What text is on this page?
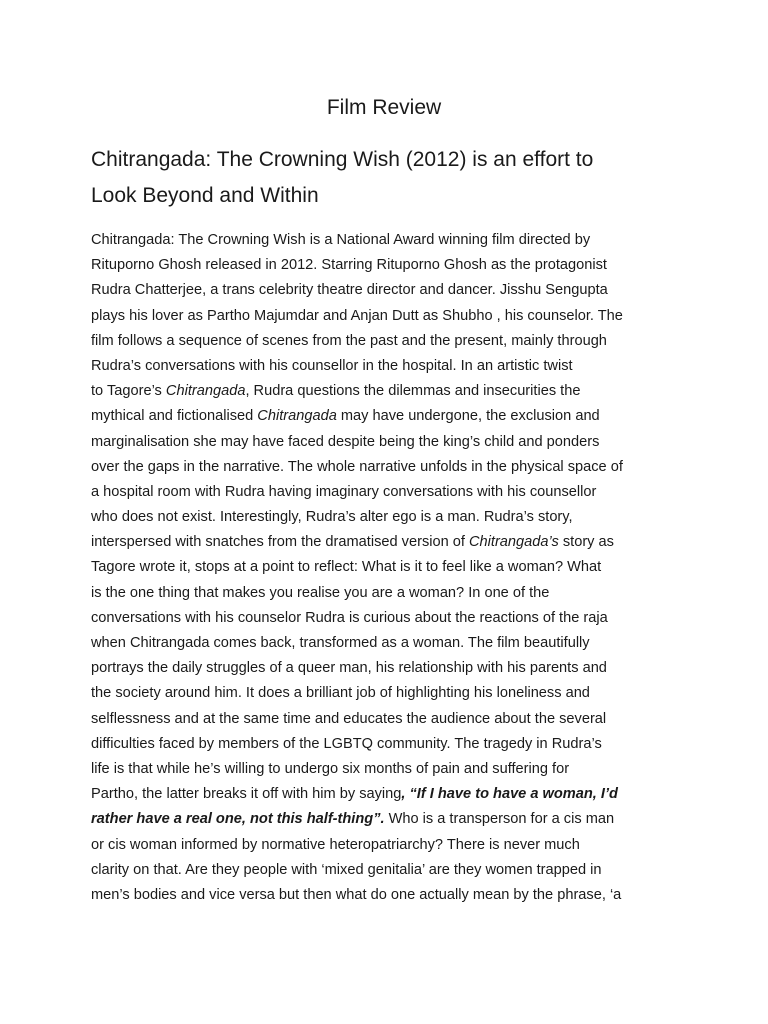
Film Review
Chitrangada: The Crowning Wish (2012) is an effort to
Look Beyond and Within
Chitrangada: The Crowning Wish is a National Award winning film directed by
Rituporno Ghosh released in 2012. Starring Rituporno Ghosh as the protagonist
Rudra Chatterjee, a trans celebrity theatre director and dancer. Jisshu Sengupta
plays his lover as Partho Majumdar and Anjan Dutt as Shubho , his counselor. The
film follows a sequence of scenes from the past and the present, mainly through
Rudra’s conversations with his counsellor in the hospital. In an artistic twist
to Tagore’s Chitrangada, Rudra questions the dilemmas and insecurities the
mythical and fictionalised Chitrangada may have undergone, the exclusion and
marginalisation she may have faced despite being the king’s child and ponders
over the gaps in the narrative. The whole narrative unfolds in the physical space of
a hospital room with Rudra having imaginary conversations with his counsellor
who does not exist. Interestingly, Rudra’s alter ego is a man. Rudra’s story,
interspersed with snatches from the dramatised version of Chitrangada’s story as
Tagore wrote it, stops at a point to reflect: What is it to feel like a woman? What
is the one thing that makes you realise you are a woman? In one of the
conversations with his counselor Rudra is curious about the reactions of the raja
when Chitrangada comes back, transformed as a woman. The film beautifully
portrays the daily struggles of a queer man, his relationship with his parents and
the society around him. It does a brilliant job of highlighting his loneliness and
selflessness and at the same time and educates the audience about the several
difficulties faced by members of the LGBTQ community. The tragedy in Rudra’s
life is that while he’s willing to undergo six months of pain and suffering for
Partho, the latter breaks it off with him by saying, “If I have to have a woman, I’d
rather have a real one, not this half-thing”. Who is a transperson for a cis man
or cis woman informed by normative heteropatriarchy? There is never much
clarity on that. Are they people with ‘mixed genitalia’ are they women trapped in
men’s bodies and vice versa but then what do one actually mean by the phrase, ‘a
